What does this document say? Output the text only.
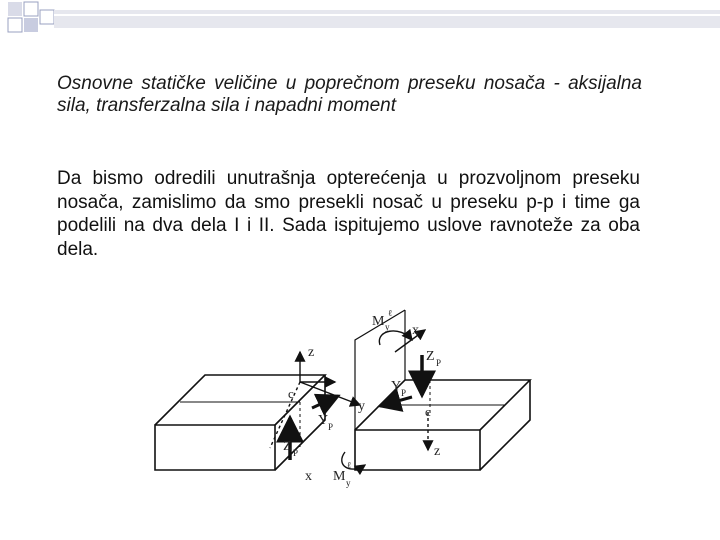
Osnovne statičke veličine u poprečnom preseku nosača - aksijalna sila, transferzalna sila i napadni moment

Da bismo odredili unutrašnja opterećenja u prozvoljnom preseku nosača, zamislimo da smo presekli nosač u preseku p-p i time ga podelili na dva dela I i II. Sada ispitujemo uslove ravnoteže za oba dela.

z
c
y
Y P
Z P
x M y
ℓ
M y
ℓ
x
Z P
Y P
c
z
